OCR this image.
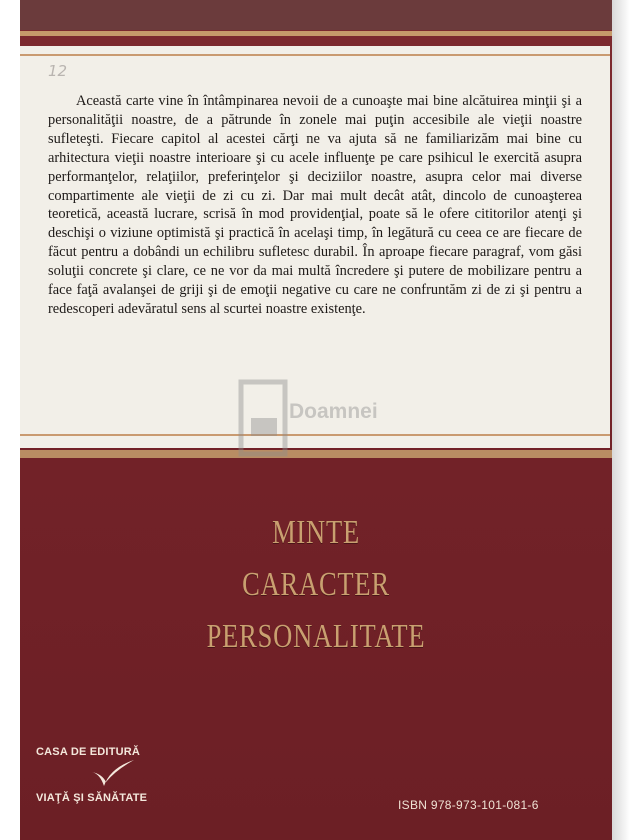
12

Această carte vine în întâmpinarea nevoii de a cunoaşte mai bine alcătuirea minţii şi a personalităţii noastre, de a pătrunde în zonele mai puţin accesibile ale vieţii noastre sufleteşti. Fiecare capitol al acestei cărţi ne va ajuta să ne familiarizăm mai bine cu arhitectura vieţii noastre interioare şi cu acele influenţe pe care psihicul le exercită asupra performanţelor, relaţiilor, preferinţelor şi deciziilor noastre, asupra celor mai diverse compartimente ale vieţii de zi cu zi. Dar mai mult decât atât, dincolo de cunoaşterea teoretică, această lucrare, scrisă în mod providenţial, poate să le ofere cititorilor atenţi şi deschişi o viziune optimistă şi practică în acelaşi timp, în legătură cu ceea ce are fiecare de făcut pentru a dobândi un echilibru sufletesc durabil. În aproape fiecare paragraf, vom găsi soluţii concrete şi clare, ce ne vor da mai multă încredere şi putere de mobilizare pentru a face faţă avalanşei de griji şi de emoţii negative cu care ne confruntăm zi de zi şi pentru a redescoperi adevăratul sens al scurtei noastre existenţe.

Doamnei
MINTE
CARACTER
PERSONALITATE
CASA DE EDITURĂ
VIAŢĂ ŞI SĂNĂTATE	ISBN 978-973-101-081-6
